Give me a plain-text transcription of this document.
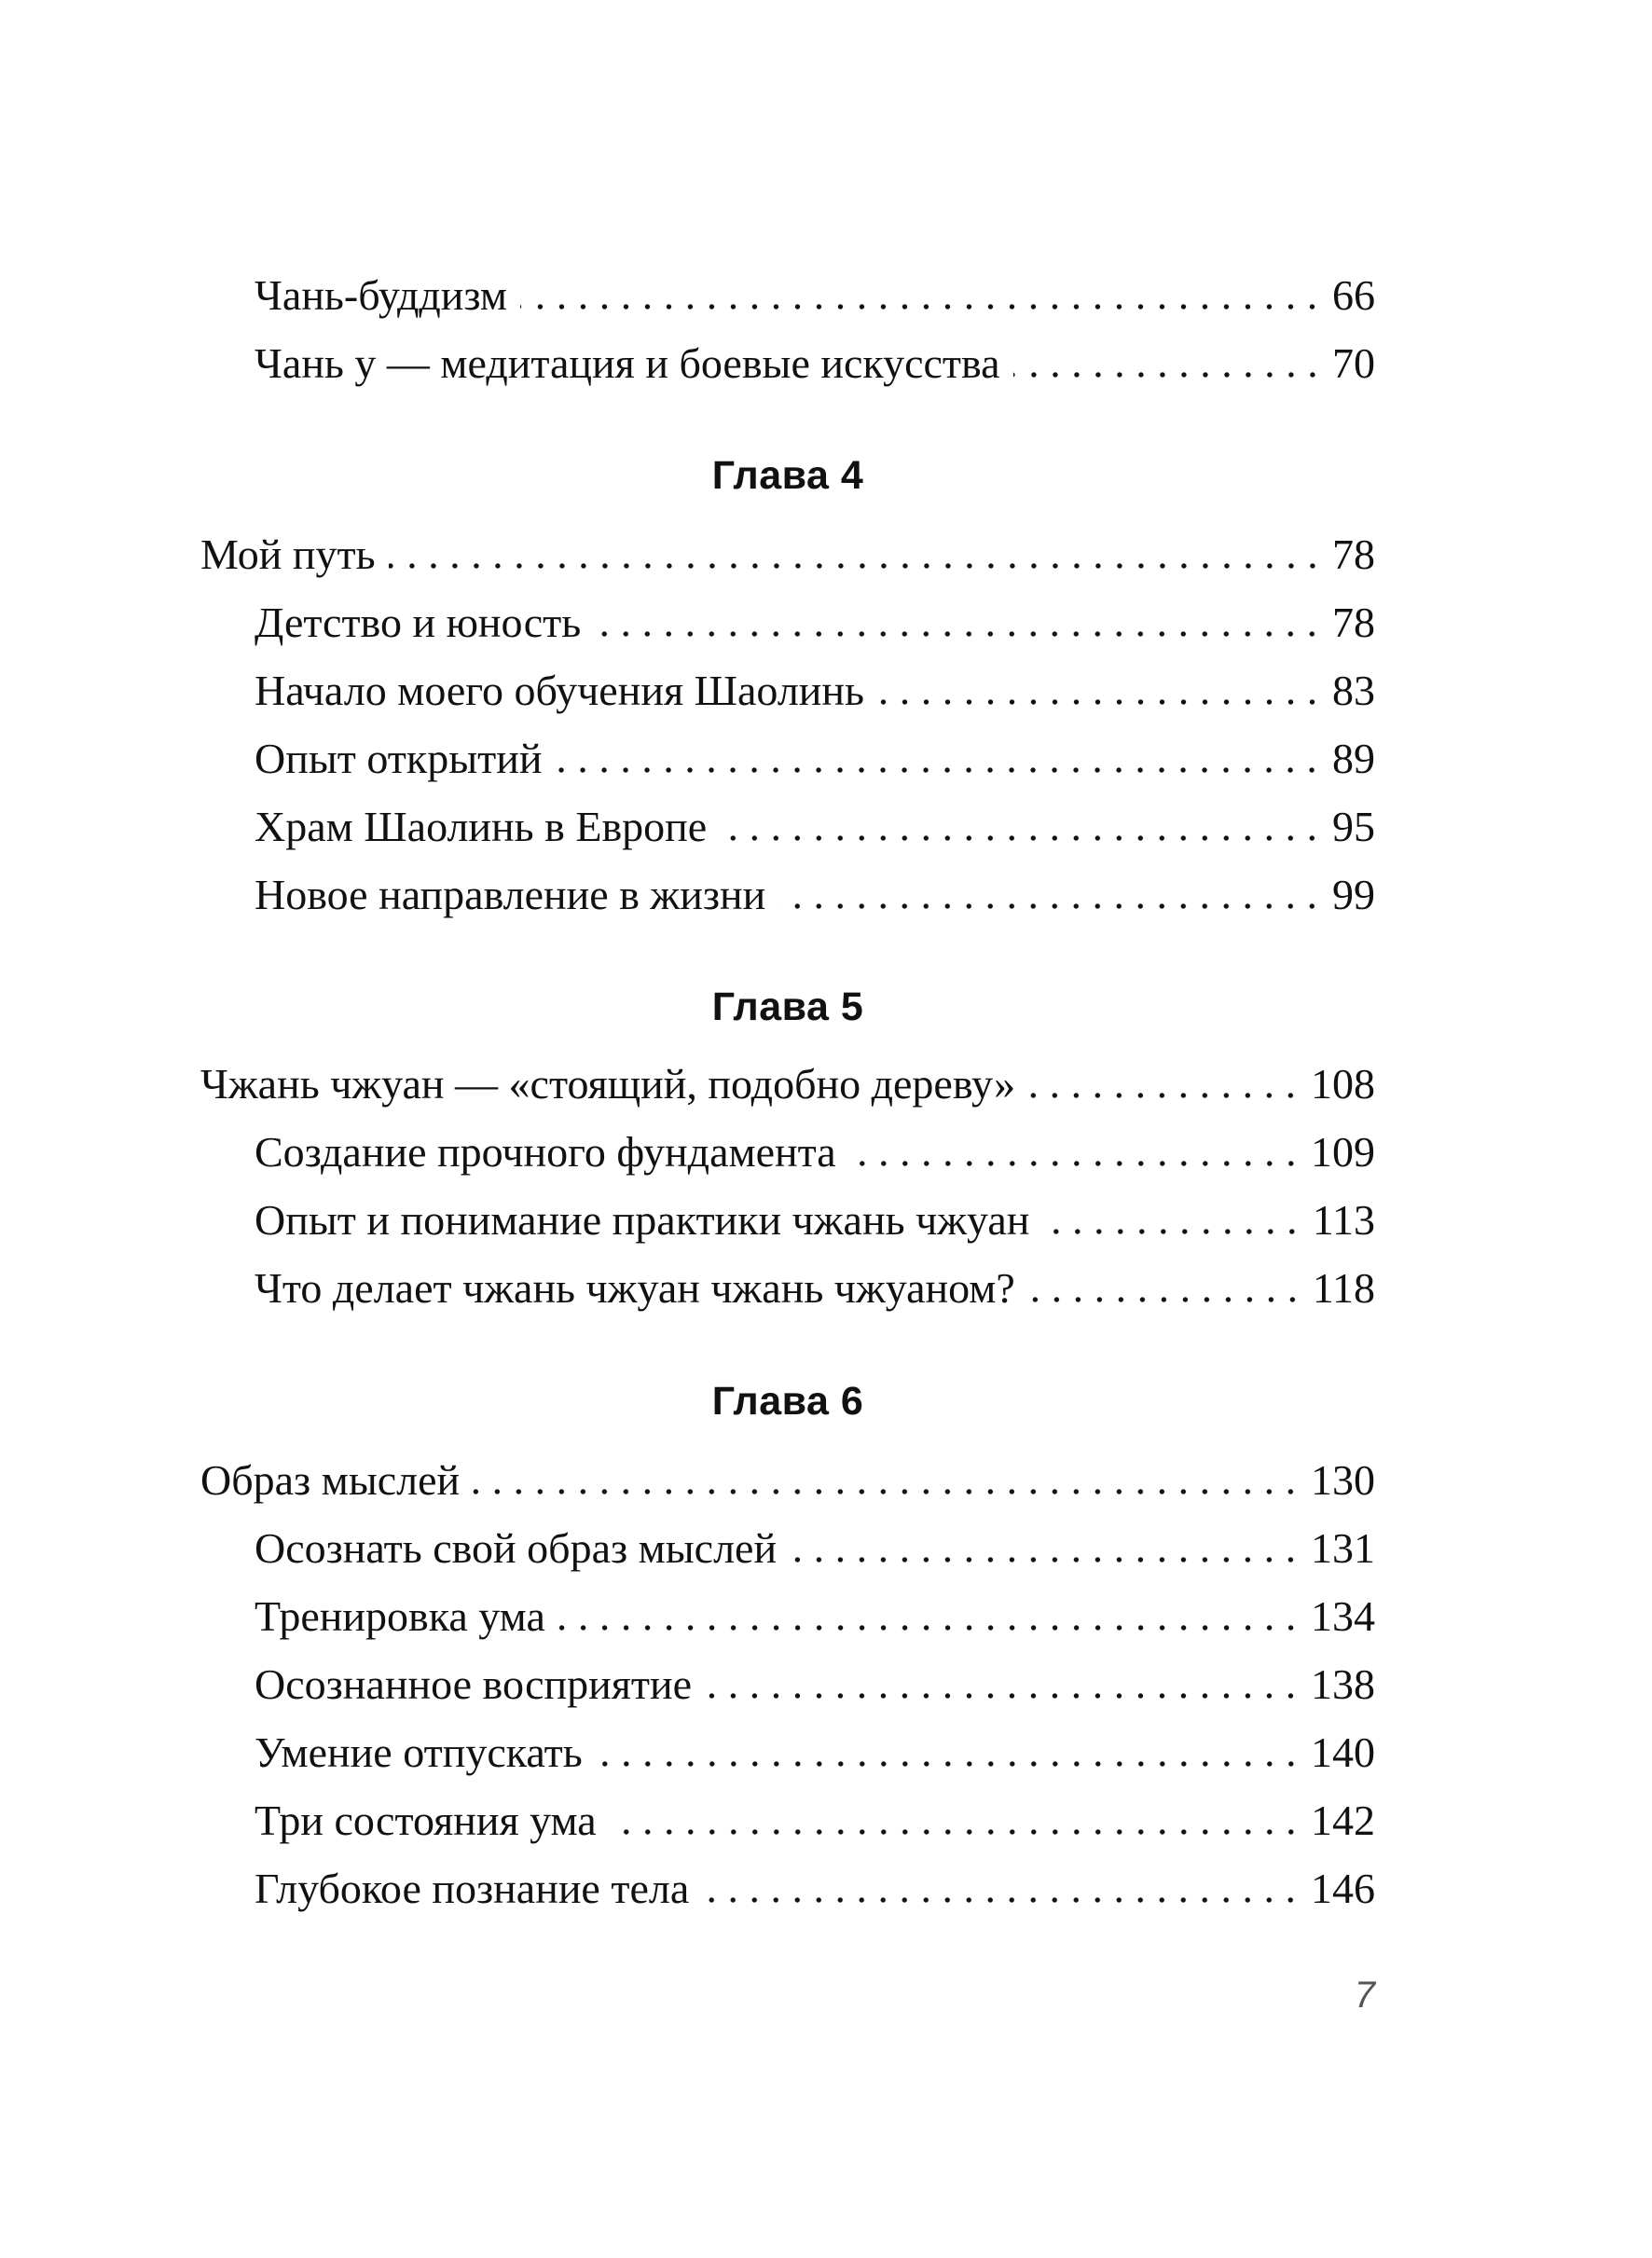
Чань-буддизм	66
Чань у — медитация и боевые искусства	70
Глава 4
Мой путь	78
Детство и юность	78
Начало моего обучения Шаолинь	83
Опыт открытий	89
Храм Шаолинь в Европе	95
Новое направление в жизни	99
Глава 5
Чжань чжуан — «стоящий, подобно дереву»	108
Создание прочного фундамента	109
Опыт и понимание практики чжань чжуан	113
Что делает чжань чжуан чжань чжуаном?	118
Глава 6
Образ мыслей	130
Осознать свой образ мыслей	131
Тренировка ума	134
Осознанное восприятие	138
Умение отпускать	140
Три состояния ума	142
Глубокое познание тела	146
7
